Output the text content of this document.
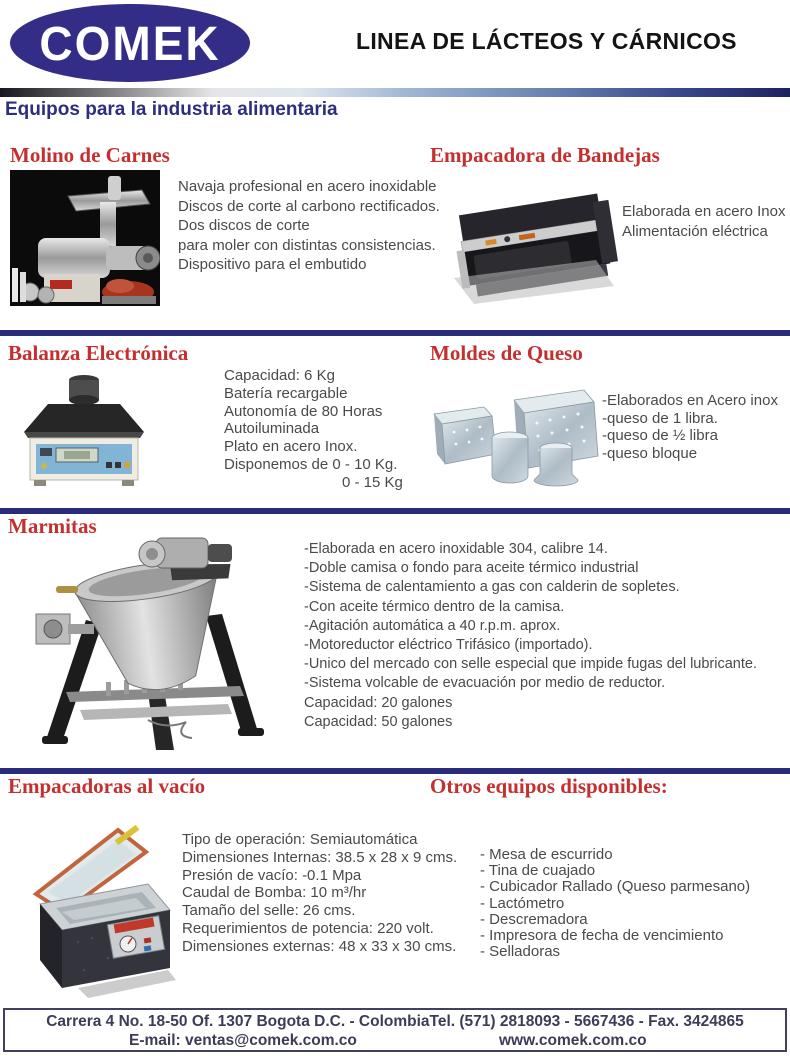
COMEK	LINEA DE LÁCTEOS Y CÁRNICOS
Equipos para la industria alimentaria
Molino de Carnes
Navaja profesional en acero inoxidable
Discos de corte al carbono rectificados.
Dos discos de corte
para moler con distintas consistencias.
Dispositivo para el embutido
Empacadora de Bandejas
Elaborada en acero Inox
Alimentación eléctrica
Balanza Electrónica
Capacidad: 6 Kg
Batería recargable
Autonomía de 80 Horas
Autoiluminada
Plato en acero Inox.
Disponemos de 0 - 10 Kg.
0 - 15 Kg
Moldes de Queso
-Elaborados en Acero inox
-queso de 1 libra.
-queso de ½ libra
-queso bloque
Marmitas
-Elaborada en acero inoxidable 304, calibre 14.
-Doble camisa o fondo para aceite térmico industrial
-Sistema de calentamiento a gas con calderin de sopletes.
-Con aceite térmico dentro de la camisa.
-Agitación automática a 40 r.p.m. aprox.
-Motoreductor eléctrico Trifásico (importado).
-Unico del mercado con selle especial que impide fugas del lubricante.
-Sistema volcable de evacuación por medio de reductor.
Capacidad: 20 galones
Capacidad: 50 galones
Empacadoras al vacío
Tipo de operación: Semiautomática
Dimensiones Internas: 38.5 x 28 x 9 cms.
Presión de vacío: -0.1 Mpa
Caudal de Bomba: 10 m³/hr
Tamaño del selle: 26 cms.
Requerimientos de potencia: 220 volt.
Dimensiones externas: 48 x 33 x 30 cms.
Otros equipos disponibles:
- Mesa de escurrido
- Tina de cuajado
- Cubicador Rallado (Queso parmesano)
- Lactómetro
- Descremadora
- Impresora de fecha de vencimiento
- Selladoras
Carrera 4 No. 18-50 Of. 1307 Bogota D.C. - ColombiaTel. (571) 2818093 - 5667436 - Fax. 3424865
E-mail: ventas@comek.com.co	www.comek.com.co
